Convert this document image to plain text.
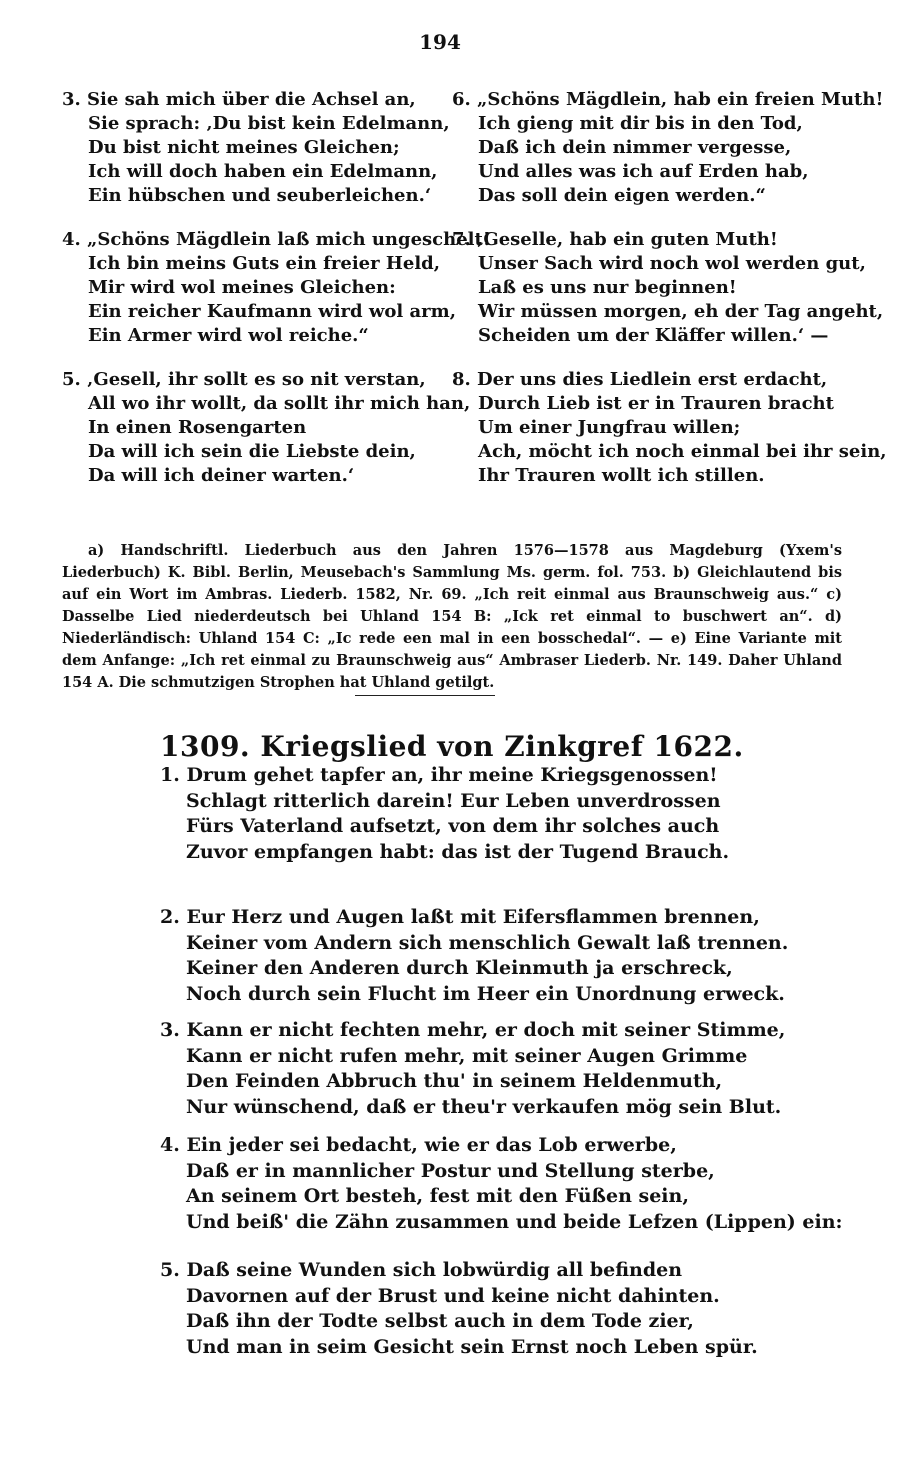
194

a) Handschriftl. Liederbuch aus den Jahren 1576—1578 aus Magdeburg (Yxem's Liederbuch) K. Bibl. Berlin, Meusebach's Sammlung Ms. germ. fol. 753. b) Gleichlautend bis auf ein Wort im Ambras. Liederb. 1582, Nr. 69. „Ich reit einmal aus Braunschweig aus.“ c) Dasselbe Lied niederdeutsch bei Uhland 154 B: „Ick ret einmal to buschwert an“. d) Niederländisch: Uhland 154 C: „Ic rede een mal in een bosschedal“. — e) Eine Variante mit dem Anfange: „Ich ret einmal zu Braunschweig aus“ Ambraser Liederb. Nr. 149. Daher Uhland 154 A. Die schmutzigen Strophen hat Uhland getilgt.

1309. Kriegslied von Zinkgref 1622.
3. Sie sah mich über die Achsel an,
Sie sprach: ‚Du bist kein Edelmann,
Du bist nicht meines Gleichen;
Ich will doch haben ein Edelmann,
Ein hübschen und seuberleichen.‘
6. „Schöns Mägdlein, hab ein freien Muth!
Ich gieng mit dir bis in den Tod,
Daß ich dein nimmer vergesse,
Und alles was ich auf Erden hab,
Das soll dein eigen werden.“
4. „Schöns Mägdlein laß mich ungeschelt!
Ich bin meins Guts ein freier Held,
Mir wird wol meines Gleichen:
Ein reicher Kaufmann wird wol arm,
Ein Armer wird wol reiche.“
7. ‚Geselle, hab ein guten Muth!
Unser Sach wird noch wol werden gut,
Laß es uns nur beginnen!
Wir müssen morgen, eh der Tag angeht,
Scheiden um der Kläffer willen.‘ —
5. ‚Gesell, ihr sollt es so nit verstan,
All wo ihr wollt, da sollt ihr mich han,
In einen Rosengarten
Da will ich sein die Liebste dein,
Da will ich deiner warten.‘
8. Der uns dies Liedlein erst erdacht,
Durch Lieb ist er in Trauren bracht
Um einer Jungfrau willen;
Ach, möcht ich noch einmal bei ihr sein,
Ihr Trauren wollt ich stillen.
1. Drum gehet tapfer an, ihr meine Kriegsgenossen!
Schlagt ritterlich darein! Eur Leben unverdrossen
Fürs Vaterland aufsetzt, von dem ihr solches auch
Zuvor empfangen habt: das ist der Tugend Brauch.
2. Eur Herz und Augen laßt mit Eifersflammen brennen,
Keiner vom Andern sich menschlich Gewalt laß trennen.
Keiner den Anderen durch Kleinmuth ja erschreck,
Noch durch sein Flucht im Heer ein Unordnung erweck.
3. Kann er nicht fechten mehr, er doch mit seiner Stimme,
Kann er nicht rufen mehr, mit seiner Augen Grimme
Den Feinden Abbruch thu' in seinem Heldenmuth,
Nur wünschend, daß er theu'r verkaufen mög sein Blut.
4. Ein jeder sei bedacht, wie er das Lob erwerbe,
Daß er in mannlicher Postur und Stellung sterbe,
An seinem Ort besteh, fest mit den Füßen sein,
Und beiß' die Zähn zusammen und beide Lefzen (Lippen) ein:
5. Daß seine Wunden sich lobwürdig all befinden
Davornen auf der Brust und keine nicht dahinten.
Daß ihn der Todte selbst auch in dem Tode zier,
Und man in seim Gesicht sein Ernst noch Leben spür.
